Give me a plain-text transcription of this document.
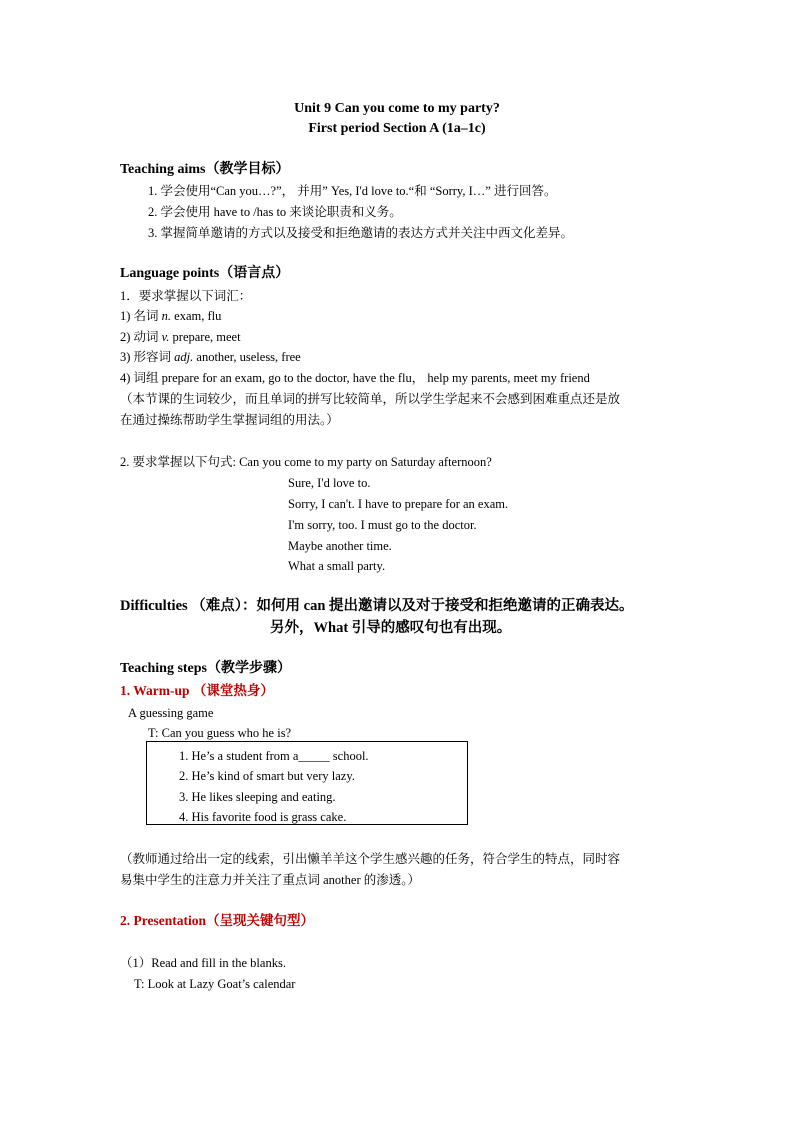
Unit 9 Can you come to my party?
First period Section A (1a–1c)
Teaching aims（教学目标）
1. 学会使用“Can you…?”， 并用” Yes, I'd love to.“和 “Sorry, I…” 进行回答。
2. 学会使用 have to /has to 来谈论职责和义务。
3. 掌握简单邀请的方式以及接受和拒绝邀请的表达方式并关注中西文化差异。
Language points（语言点）
1．要求掌握以下词汇：
1) 名词 n. exam, flu
2) 动词 v. prepare, meet
3) 形容词 adj. another, useless, free
4) 词组 prepare for an exam, go to the doctor, have the flu， help my parents, meet my friend
（本节课的生词较少，而且单词的拼写比较简单，所以学生学起来不会感到困难重点还是放
在通过操练帮助学生掌握词组的用法。）
2. 要求掌握以下句式: Can you come to my party on Saturday afternoon?
Sure, I'd love to.
Sorry, I can't. I have to prepare for an exam.
I'm sorry, too. I must go to the doctor.
Maybe another time.
What a small party.
Difficulties （难点）：如何用 can 提出邀请以及对于接受和拒绝邀请的正确表达。
另外，What 引导的感叹句也有出现。
Teaching steps（教学步骤）
1. Warm-up （课堂热身）
A guessing game
T: Can you guess who he is?
1. He’s a student from a_____ school.
2. He’s kind of smart but very lazy.
3. He likes sleeping and eating.
4. His favorite food is grass cake.
（教师通过给出一定的线索，引出懒羊羊这个学生感兴趣的任务，符合学生的特点，同时容
易集中学生的注意力并关注了重点词 another 的渗透。）
2. Presentation（呈现关键句型）
（1）Read and fill in the blanks.
T: Look at Lazy Goat’s calendar
